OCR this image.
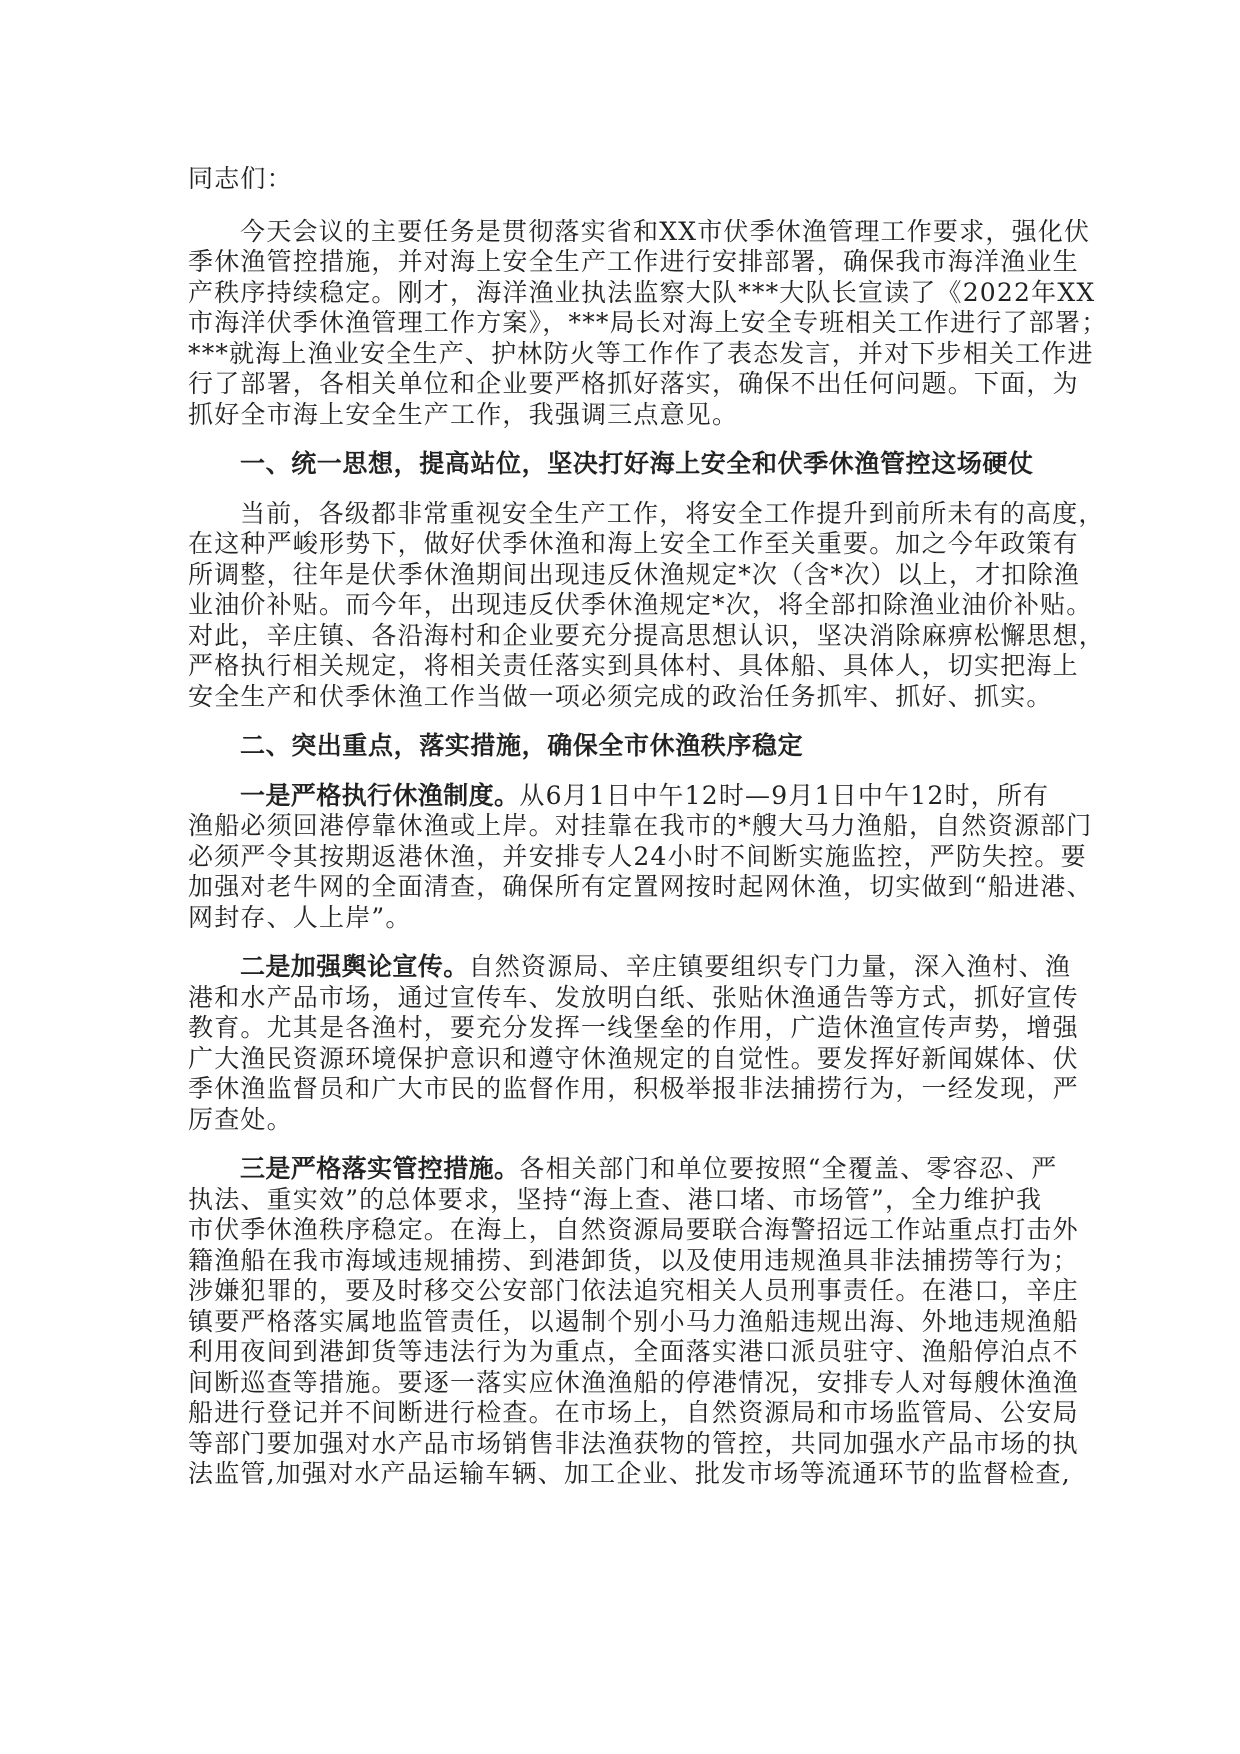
同志们：
今天会议的主要任务是贯彻落实省和XX市伏季休渔管理工作要求，强化伏
季休渔管控措施，并对海上安全生产工作进行安排部署，确保我市海洋渔业生
产秩序持续稳定。刚才，海洋渔业执法监察大队***大队长宣读了《2022年XX
市海洋伏季休渔管理工作方案》，***局长对海上安全专班相关工作进行了部署；
***就海上渔业安全生产、护林防火等工作作了表态发言，并对下步相关工作进
行了部署，各相关单位和企业要严格抓好落实，确保不出任何问题。下面，为
抓好全市海上安全生产工作，我强调三点意见。
一、统一思想，提高站位，坚决打好海上安全和伏季休渔管控这场硬仗
当前，各级都非常重视安全生产工作，将安全工作提升到前所未有的高度，
在这种严峻形势下，做好伏季休渔和海上安全工作至关重要。加之今年政策有
所调整，往年是伏季休渔期间出现违反休渔规定*次（含*次）以上，才扣除渔
业油价补贴。而今年，出现违反伏季休渔规定*次，将全部扣除渔业油价补贴。
对此，辛庄镇、各沿海村和企业要充分提高思想认识，坚决消除麻痹松懈思想，
严格执行相关规定，将相关责任落实到具体村、具体船、具体人，切实把海上
安全生产和伏季休渔工作当做一项必须完成的政治任务抓牢、抓好、抓实。
二、突出重点，落实措施，确保全市休渔秩序稳定
一是严格执行休渔制度。从6月1日中午12时—9月1日中午12时，所有
渔船必须回港停靠休渔或上岸。对挂靠在我市的*艘大马力渔船，自然资源部门
必须严令其按期返港休渔，并安排专人24小时不间断实施监控，严防失控。要
加强对老牛网的全面清查，确保所有定置网按时起网休渔，切实做到“船进港、
网封存、人上岸”。
二是加强舆论宣传。自然资源局、辛庄镇要组织专门力量，深入渔村、渔
港和水产品市场，通过宣传车、发放明白纸、张贴休渔通告等方式，抓好宣传
教育。尤其是各渔村，要充分发挥一线堡垒的作用，广造休渔宣传声势，增强
广大渔民资源环境保护意识和遵守休渔规定的自觉性。要发挥好新闻媒体、伏
季休渔监督员和广大市民的监督作用，积极举报非法捕捞行为，一经发现，严
厉查处。
三是严格落实管控措施。各相关部门和单位要按照“全覆盖、零容忍、严
执法、重实效”的总体要求，坚持“海上查、港口堵、市场管”，全力维护我
市伏季休渔秩序稳定。在海上，自然资源局要联合海警招远工作站重点打击外
籍渔船在我市海域违规捕捞、到港卸货，以及使用违规渔具非法捕捞等行为；
涉嫌犯罪的，要及时移交公安部门依法追究相关人员刑事责任。在港口，辛庄
镇要严格落实属地监管责任，以遏制个别小马力渔船违规出海、外地违规渔船
利用夜间到港卸货等违法行为为重点，全面落实港口派员驻守、渔船停泊点不
间断巡查等措施。要逐一落实应休渔渔船的停港情况，安排专人对每艘休渔渔
船进行登记并不间断进行检查。在市场上，自然资源局和市场监管局、公安局
等部门要加强对水产品市场销售非法渔获物的管控，共同加强水产品市场的执
法监管,加强对水产品运输车辆、加工企业、批发市场等流通环节的监督检查,
